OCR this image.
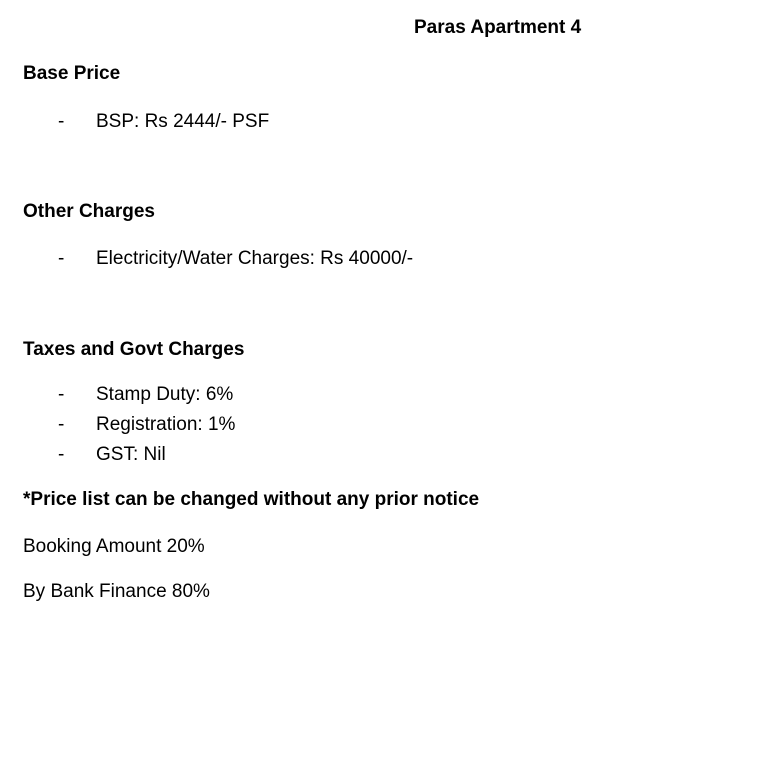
Paras Apartment 4
Base Price
- BSP: Rs 2444/- PSF
Other Charges
- Electricity/Water Charges: Rs 40000/-
Taxes and Govt Charges
- Stamp Duty: 6%
- Registration: 1%
- GST: Nil
*Price list can be changed without any prior notice
Booking Amount 20%
By Bank Finance 80%
